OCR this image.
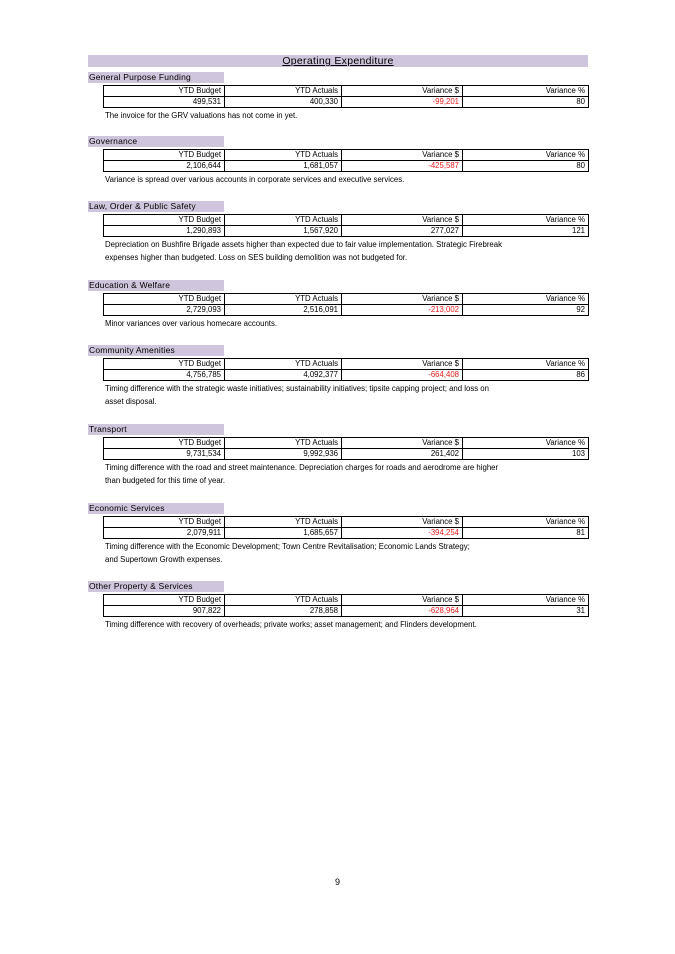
Operating Expenditure
General Purpose Funding
YTD Budget	YTD Actuals	Variance $	Variance %
499,531	400,330	-99,201	80
The invoice for the GRV valuations has not come in yet.
Governance
YTD Budget	YTD Actuals	Variance $	Variance %
2,106,644	1,681,057	-425,587	80
Variance is spread over various accounts in corporate services and executive services.
Law, Order & Public Safety
YTD Budget	YTD Actuals	Variance $	Variance %
1,290,893	1,567,920	277,027	121
Depreciation on Bushfire Brigade assets higher than expected due to fair value implementation. Strategic Firebreak
expenses higher than budgeted. Loss on SES building demolition was not budgeted for.
Education & Welfare
YTD Budget	YTD Actuals	Variance $	Variance %
2,729,093	2,516,091	-213,002	92
Minor variances over various homecare accounts.
Community Amenities
YTD Budget	YTD Actuals	Variance $	Variance %
4,756,785	4,092,377	-664,408	86
Timing difference with the strategic waste initiatives; sustainability initiatives; tipsite capping project; and loss on
asset disposal.
Transport
YTD Budget	YTD Actuals	Variance $	Variance %
9,731,534	9,992,936	261,402	103
Timing difference with the road and street maintenance. Depreciation charges for roads and aerodrome are higher
than budgeted for this time of year.
Economic Services
YTD Budget	YTD Actuals	Variance $	Variance %
2,079,911	1,685,657	-394,254	81
Timing difference with the Economic Development; Town Centre Revitalisation; Economic Lands Strategy;
and Supertown Growth expenses.
Other Property & Services
YTD Budget	YTD Actuals	Variance $	Variance %
907,822	278,858	-628,964	31
Timing difference with recovery of overheads; private works; asset management; and Flinders development.
9
